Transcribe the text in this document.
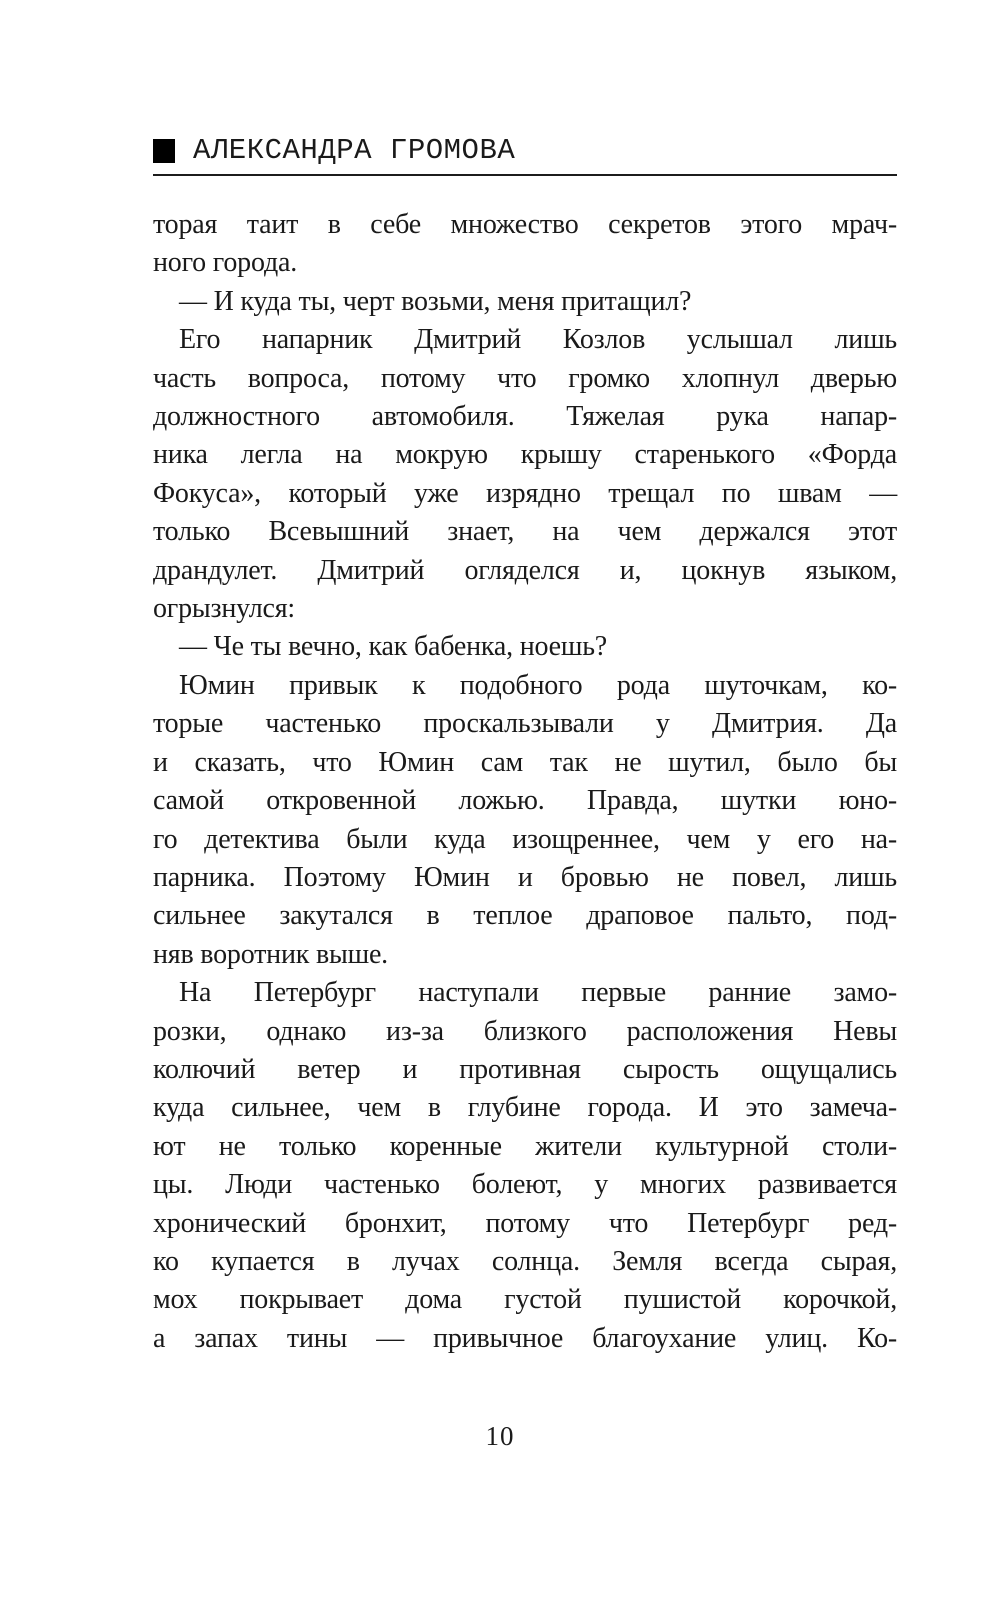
АЛЕКСАНДРА ГРОМОВА
торая таит в себе множество секретов этого мрач-
ного города.
— И куда ты, черт возьми, меня притащил?
Его напарник Дмитрий Козлов услышал лишь
часть вопроса, потому что громко хлопнул дверью
должностного автомобиля. Тяжелая рука напар-
ника легла на мокрую крышу старенького «Форда
Фокуса», который уже изрядно трещал по швам —
только Всевышний знает, на чем держался этот
драндулет. Дмитрий огляделся и, цокнув языком,
огрызнулся:
— Че ты вечно, как бабенка, ноешь?
Юмин привык к подобного рода шуточкам, ко-
торые частенько проскальзывали у Дмитрия. Да
и сказать, что Юмин сам так не шутил, было бы
самой откровенной ложью. Правда, шутки юно-
го детектива были куда изощреннее, чем у его на-
парника. Поэтому Юмин и бровью не повел, лишь
сильнее закутался в теплое драповое пальто, под-
няв воротник выше.
На Петербург наступали первые ранние замо-
розки, однако из-за близкого расположения Невы
колючий ветер и противная сырость ощущались
куда сильнее, чем в глубине города. И это замеча-
ют не только коренные жители культурной столи-
цы. Люди частенько болеют, у многих развивается
хронический бронхит, потому что Петербург ред-
ко купается в лучах солнца. Земля всегда сырая,
мох покрывает дома густой пушистой корочкой,
а запах тины — привычное благоухание улиц. Ко-
10
